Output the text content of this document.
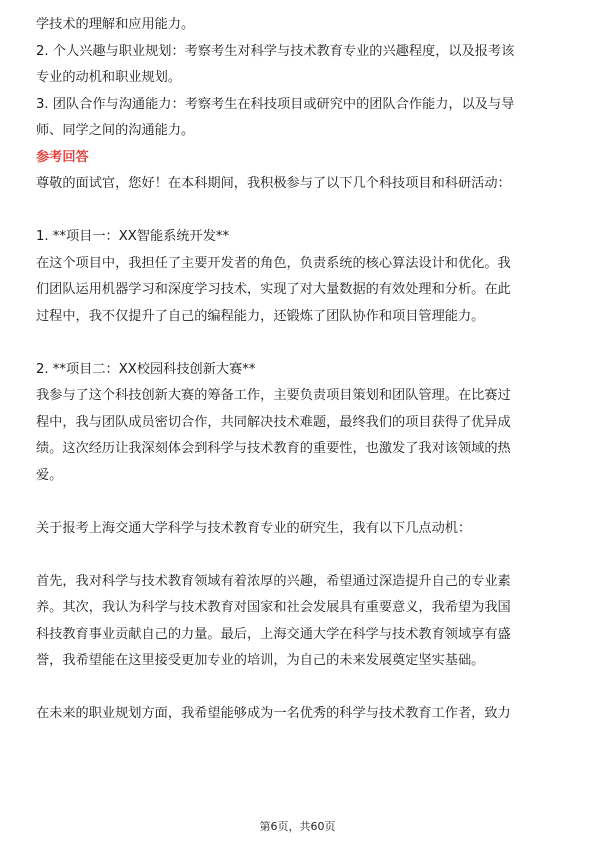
学技术的理解和应用能力。

2. 个人兴趣与职业规划：考察考生对科学与技术教育专业的兴趣程度，以及报考该

专业的动机和职业规划。

3. 团队合作与沟通能力：考察考生在科技项目或研究中的团队合作能力，以及与导

师、同学之间的沟通能力。

参考回答

尊敬的面试官，您好！在本科期间，我积极参与了以下几个科技项目和科研活动：

1. **项目一：XX智能系统开发**

在这个项目中，我担任了主要开发者的角色，负责系统的核心算法设计和优化。我

们团队运用机器学习和深度学习技术，实现了对大量数据的有效处理和分析。在此

过程中，我不仅提升了自己的编程能力，还锻炼了团队协作和项目管理能力。

2. **项目二：XX校园科技创新大赛**

我参与了这个科技创新大赛的筹备工作，主要负责项目策划和团队管理。在比赛过

程中，我与团队成员密切合作，共同解决技术难题，最终我们的项目获得了优异成

绩。这次经历让我深刻体会到科学与技术教育的重要性，也激发了我对该领域的热

爱。

关于报考上海交通大学科学与技术教育专业的研究生，我有以下几点动机：

首先，我对科学与技术教育领域有着浓厚的兴趣，希望通过深造提升自己的专业素

养。其次，我认为科学与技术教育对国家和社会发展具有重要意义，我希望为我国

科技教育事业贡献自己的力量。最后，上海交通大学在科学与技术教育领域享有盛

誉，我希望能在这里接受更加专业的培训，为自己的未来发展奠定坚实基础。

在未来的职业规划方面，我希望能够成为一名优秀的科学与技术教育工作者，致力

第6页，共60页
